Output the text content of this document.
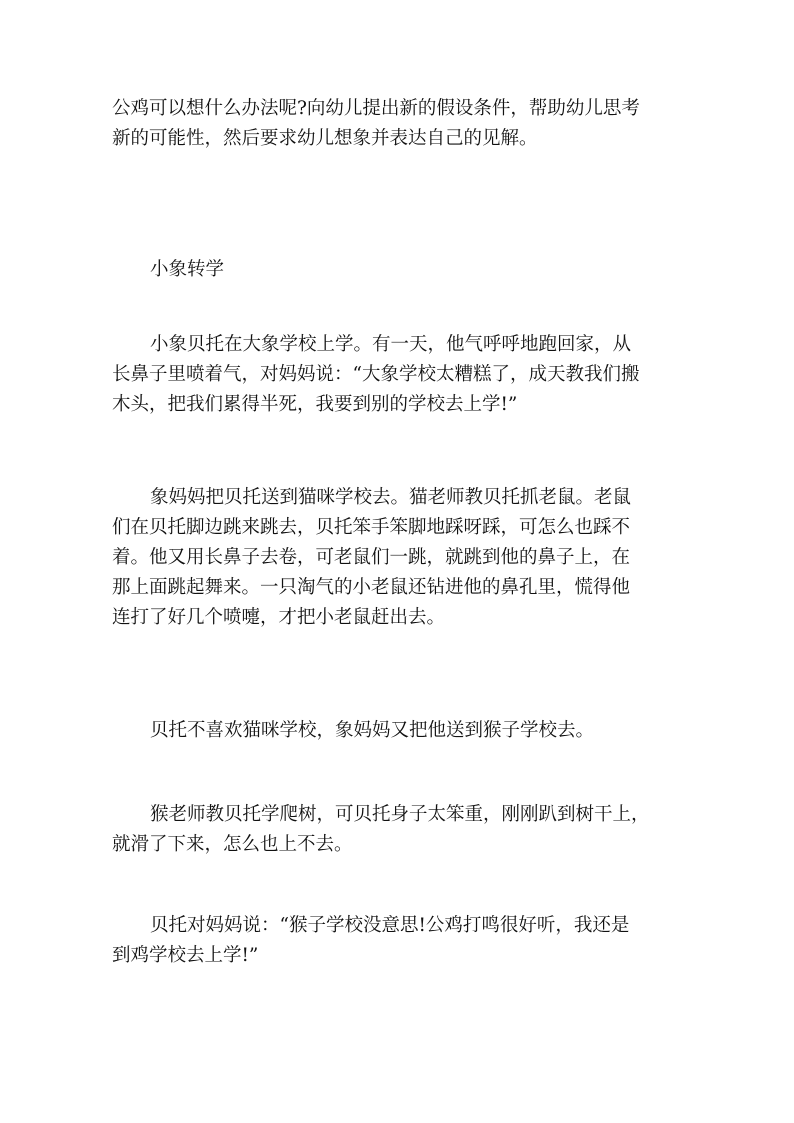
公鸡可以想什么办法呢?向幼儿提出新的假设条件，帮助幼儿思考
新的可能性，然后要求幼儿想象并表达自己的见解。

小象转学

小象贝托在大象学校上学。有一天，他气呼呼地跑回家，从
长鼻子里喷着气，对妈妈说：“大象学校太糟糕了，成天教我们搬
木头，把我们累得半死，我要到别的学校去上学!”

象妈妈把贝托送到猫咪学校去。猫老师教贝托抓老鼠。老鼠
们在贝托脚边跳来跳去，贝托笨手笨脚地踩呀踩，可怎么也踩不
着。他又用长鼻子去卷，可老鼠们一跳，就跳到他的鼻子上，在
那上面跳起舞来。一只淘气的小老鼠还钻进他的鼻孔里，慌得他
连打了好几个喷嚏，才把小老鼠赶出去。

贝托不喜欢猫咪学校，象妈妈又把他送到猴子学校去。

猴老师教贝托学爬树，可贝托身子太笨重，刚刚趴到树干上，
就滑了下来，怎么也上不去。

贝托对妈妈说：“猴子学校没意思!公鸡打鸣很好听，我还是
到鸡学校去上学!”
